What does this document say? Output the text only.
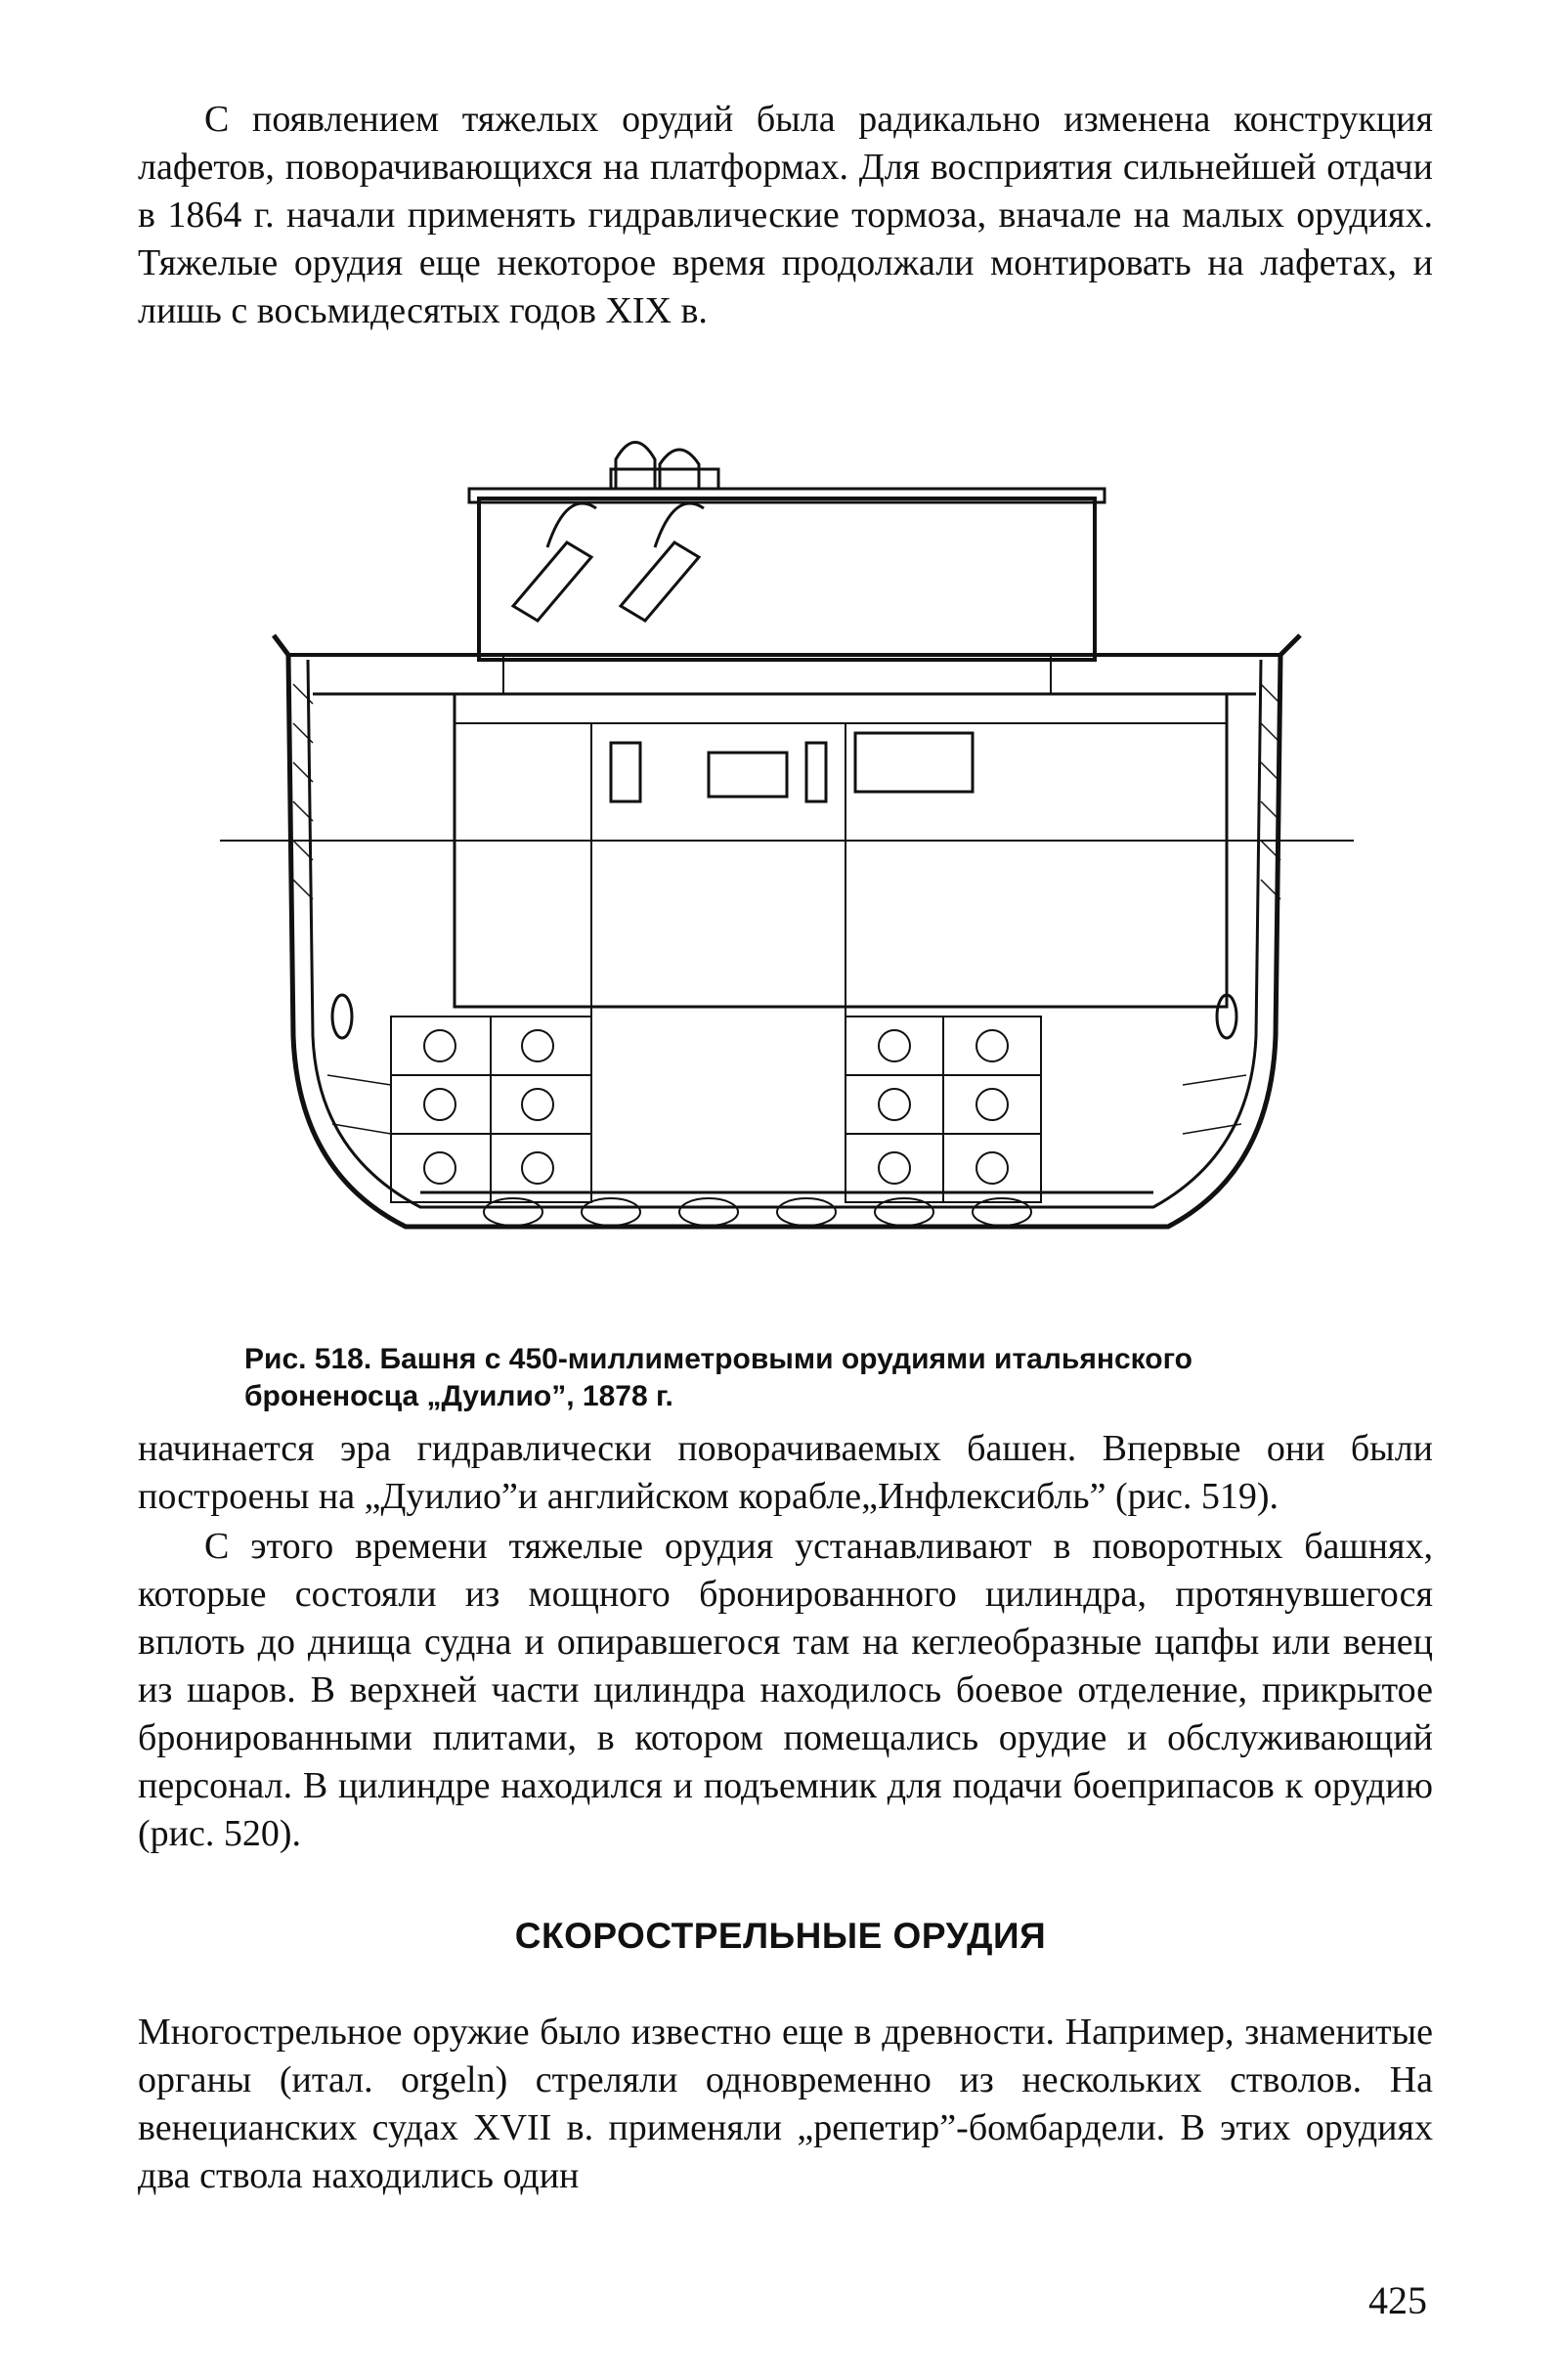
С появлением тяжелых орудий была радикально изменена конструкция лафетов, поворачивающихся на платформах. Для восприятия сильнейшей отдачи в 1864 г. начали применять гидравлические тормоза, вначале на малых орудиях. Тяжелые орудия еще некоторое время продолжали монтировать на лафетах, и лишь с восьмидесятых годов XIX в.

Рис. 518. Башня с 450-миллиметровыми орудиями итальянского броненосца „Дуилио”, 1878 г.

начинается эра гидравлически поворачиваемых башен. Впервые они были построены на „Дуилио”и английском корабле„Инфлексибль” (рис. 519).

С этого времени тяжелые орудия устанавливают в поворотных башнях, которые состояли из мощного бронированного цилиндра, протянувшегося вплоть до днища судна и опиравшегося там на кеглеобразные цапфы или венец из шаров. В верхней части цилиндра находилось боевое отделение, прикрытое бронированными плитами, в котором помещались орудие и обслуживающий персонал. В цилиндре находился и подъемник для подачи боеприпасов к орудию (рис. 520).

СКОРОСТРЕЛЬНЫЕ ОРУДИЯ

Многострельное оружие было известно еще в древности. Например, знаменитые органы (итал. orgeln) стреляли одновременно из нескольких стволов. На венецианских судах XVII в. применяли „репетир”-бомбардели. В этих орудиях два ствола находились один

425
